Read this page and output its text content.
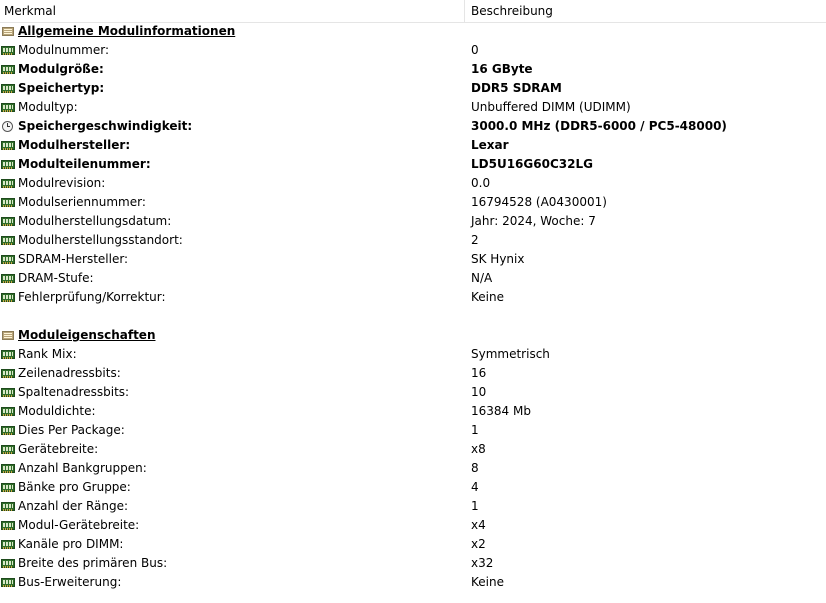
Merkmal	Beschreibung
Allgemeine Modulinformationen
Modulnummer:	0
Modulgröße:	16 GByte
Speichertyp:	DDR5 SDRAM
Modultyp:	Unbuffered DIMM (UDIMM)
Speichergeschwindigkeit:	3000.0 MHz (DDR5-6000 / PC5-48000)
Modulhersteller:	Lexar
Modulteilenummer:	LD5U16G60C32LG
Modulrevision:	0.0
Modulseriennummer:	16794528 (A0430001)
Modulherstellungsdatum:	Jahr: 2024, Woche: 7
Modulherstellungsstandort:	2
SDRAM-Hersteller:	SK Hynix
DRAM-Stufe:	N/A
Fehlerprüfung/Korrektur:	Keine
Moduleigenschaften
Rank Mix:	Symmetrisch
Zeilenadressbits:	16
Spaltenadressbits:	10
Moduldichte:	16384 Mb
Dies Per Package:	1
Gerätebreite:	x8
Anzahl Bankgruppen:	8
Bänke pro Gruppe:	4
Anzahl der Ränge:	1
Modul-Gerätebreite:	x4
Kanäle pro DIMM:	x2
Breite des primären Bus:	x32
Bus-Erweiterung:	Keine
